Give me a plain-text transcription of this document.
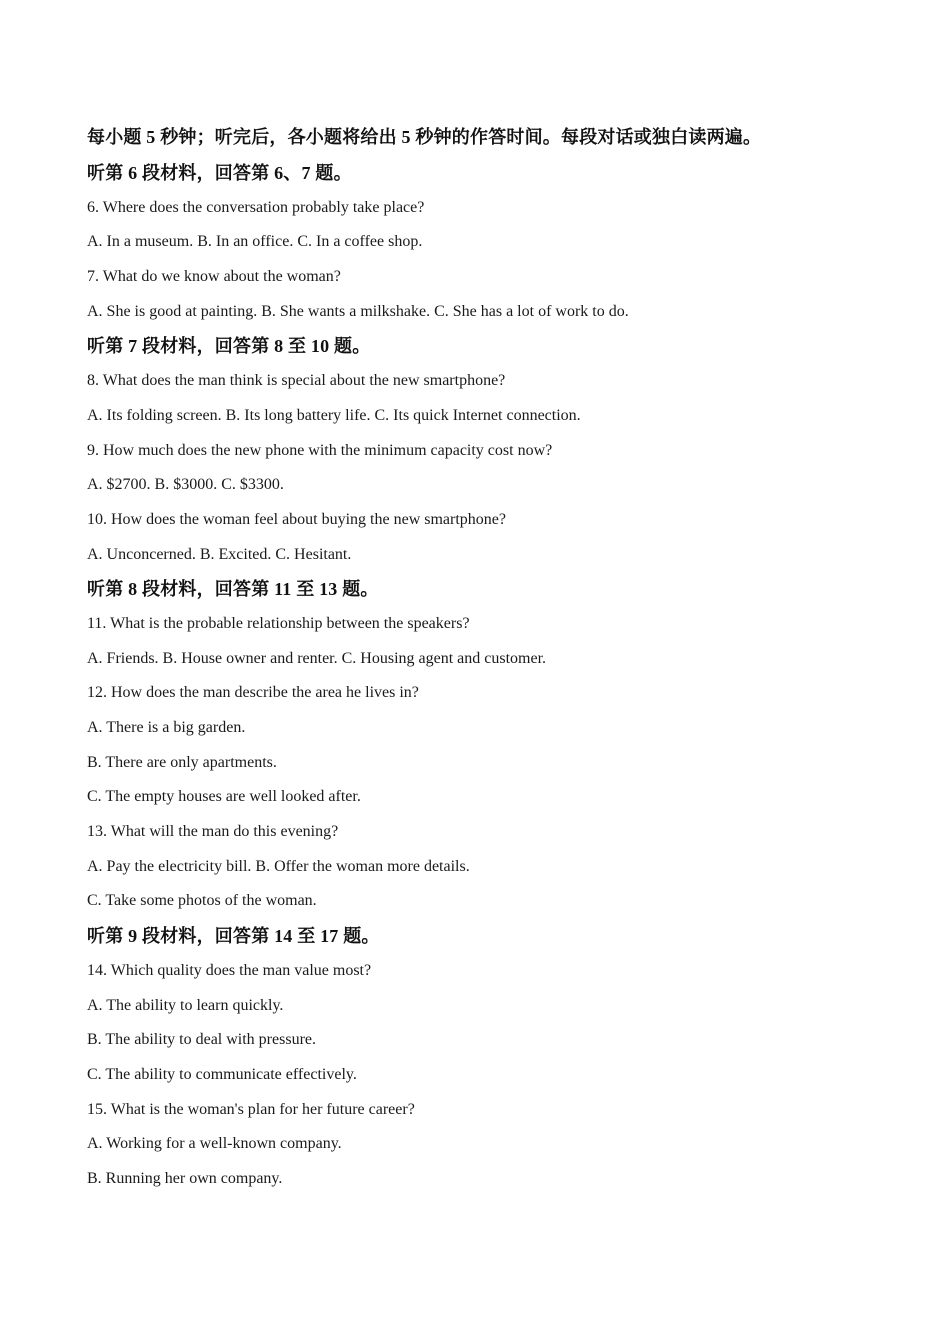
每小题 5 秒钟；听完后，各小题将给出 5 秒钟的作答时间。每段对话或独白读两遍。
听第 6 段材料，回答第 6、7 题。
6. Where does the conversation probably take place?
A. In a museum. B. In an office. C. In a coffee shop.
7. What do we know about the woman?
A. She is good at painting. B. She wants a milkshake. C. She has a lot of work to do.
听第 7 段材料，回答第 8 至 10 题。
8. What does the man think is special about the new smartphone?
A. Its folding screen. B. Its long battery life. C. Its quick Internet connection.
9. How much does the new phone with the minimum capacity cost now?
A. $2700. B. $3000. C. $3300.
10. How does the woman feel about buying the new smartphone?
A. Unconcerned. B. Excited. C. Hesitant.
听第 8 段材料，回答第 11 至 13 题。
11. What is the probable relationship between the speakers?
A. Friends. B. House owner and renter. C. Housing agent and customer.
12. How does the man describe the area he lives in?
A. There is a big garden.
B. There are only apartments.
C. The empty houses are well looked after.
13. What will the man do this evening?
A. Pay the electricity bill. B. Offer the woman more details.
C. Take some photos of the woman.
听第 9 段材料，回答第 14 至 17 题。
14. Which quality does the man value most?
A. The ability to learn quickly.
B. The ability to deal with pressure.
C. The ability to communicate effectively.
15. What is the woman's plan for her future career?
A. Working for a well-known company.
B. Running her own company.
